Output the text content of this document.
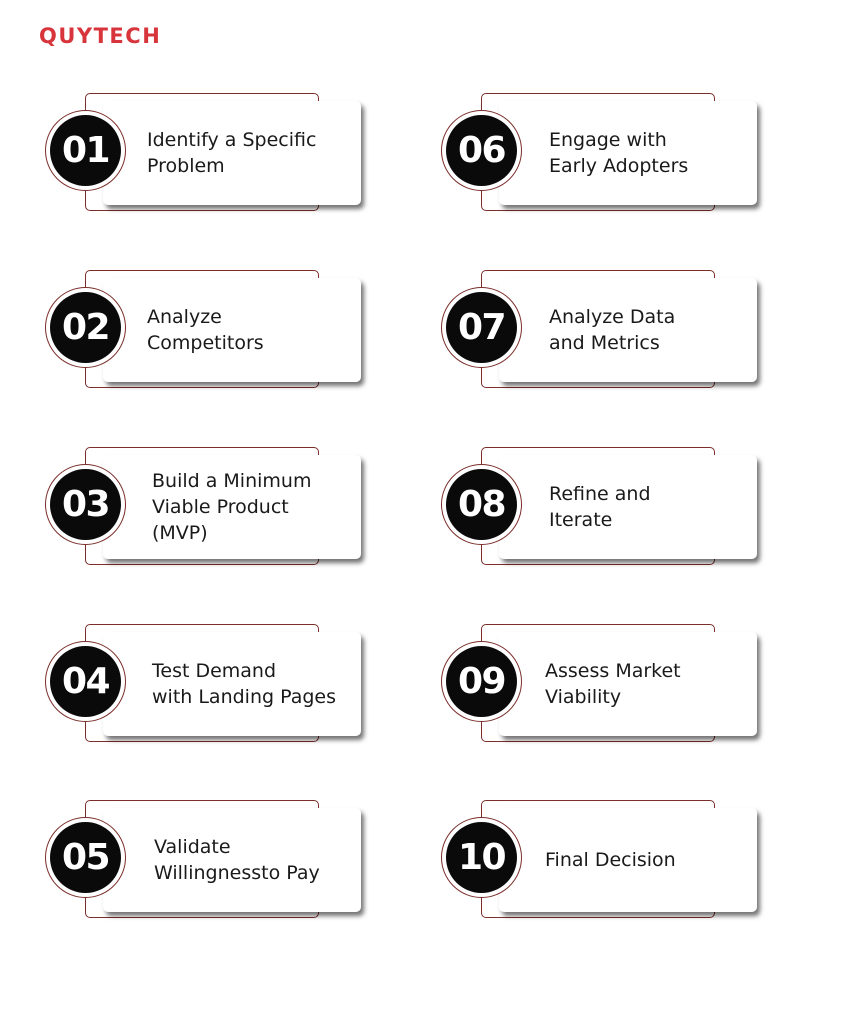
QUYTECH
01 Identify a Specific
Problem
02 Analyze
Competitors
03
Build a Minimum
Viable Product
(MVP)
04 Test Demand
with Landing Pages
05 Validate
Willingnessto Pay
06 Engage with
Early Adopters
07 Analyze Data
and Metrics
08 Refine and
Iterate
09 Assess Market
Viability
10 Final Decision
